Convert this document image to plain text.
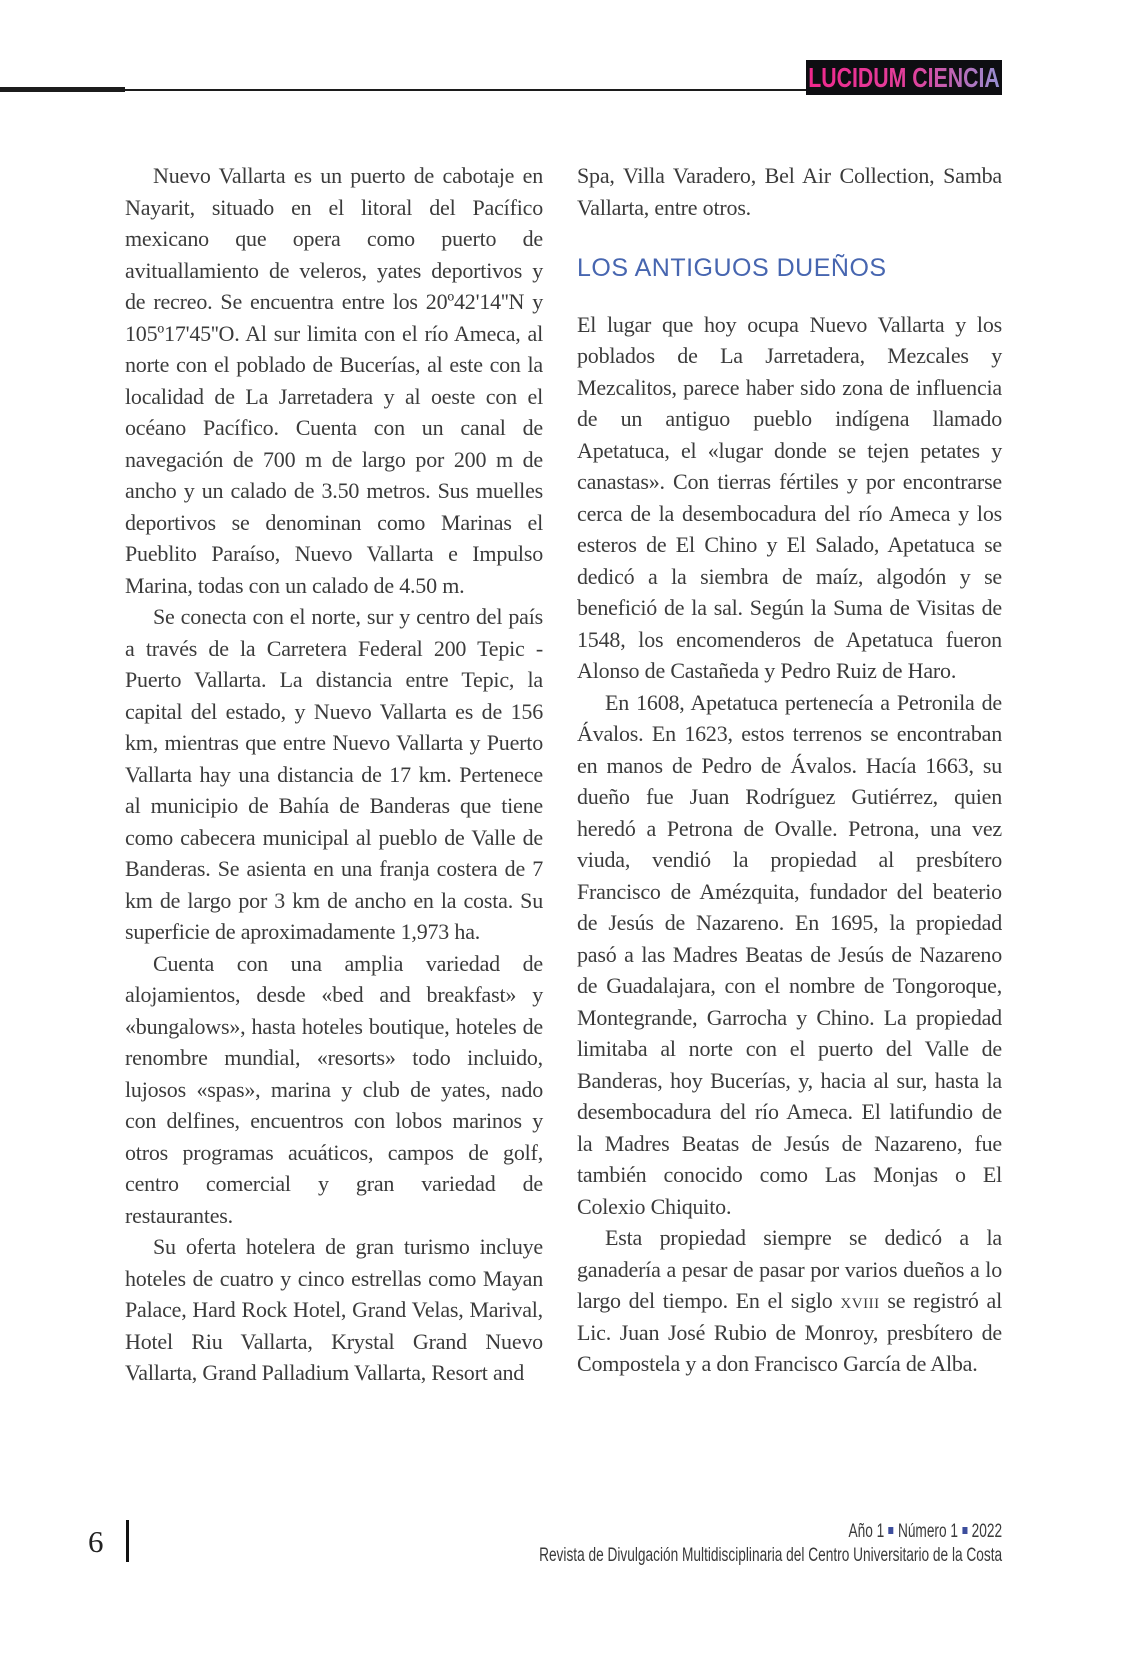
LUCIDUM CIENCIA

Nuevo Vallarta es un puerto de cabotaje en Nayarit, situado en el litoral del Pacífico mexicano que opera como puerto de avituallamiento de veleros, yates deportivos y de recreo. Se encuentra entre los 20º42'14''N y 105º17'45''O. Al sur limita con el río Ameca, al norte con el poblado de Bucerías, al este con la localidad de La Jarretadera y al oeste con el océano Pacífico. Cuenta con un canal de navegación de 700 m de largo por 200 m de ancho y un calado de 3.50 metros. Sus muelles deportivos se denominan como Marinas el Pueblito Paraíso, Nuevo Vallarta e Impulso Marina, todas con un calado de 4.50 m.

Se conecta con el norte, sur y centro del país a través de la Carretera Federal 200 Tepic - Puerto Vallarta. La distancia entre Tepic, la capital del estado, y Nuevo Vallarta es de 156 km, mientras que entre Nuevo Vallarta y Puerto Vallarta hay una distancia de 17 km. Pertenece al municipio de Bahía de Banderas que tiene como cabecera municipal al pueblo de Valle de Banderas. Se asienta en una franja costera de 7 km de largo por 3 km de ancho en la costa. Su superficie de aproximadamente 1,973 ha.

Cuenta con una amplia variedad de alojamientos, desde «bed and breakfast» y «bungalows», hasta hoteles boutique, hoteles de renombre mundial, «resorts» todo incluido, lujosos «spas», marina y club de yates, nado con delfines, encuentros con lobos marinos y otros programas acuáticos, campos de golf, centro comercial y gran variedad de restaurantes.

Su oferta hotelera de gran turismo incluye hoteles de cuatro y cinco estrellas como Mayan Palace, Hard Rock Hotel, Grand Velas, Marival, Hotel Riu Vallarta, Krystal Grand Nuevo Vallarta, Grand Palladium Vallarta, Resort and

Spa, Villa Varadero, Bel Air Collection, Samba Vallarta, entre otros.

LOS ANTIGUOS DUEÑOS

El lugar que hoy ocupa Nuevo Vallarta y los poblados de La Jarretadera, Mezcales y Mezcalitos, parece haber sido zona de influencia de un antiguo pueblo indígena llamado Apetatuca, el «lugar donde se tejen petates y canastas». Con tierras fértiles y por encontrarse cerca de la desembocadura del río Ameca y los esteros de El Chino y El Salado, Apetatuca se dedicó a la siembra de maíz, algodón y se benefició de la sal. Según la Suma de Visitas de 1548, los encomenderos de Apetatuca fueron Alonso de Castañeda y Pedro Ruiz de Haro.

En 1608, Apetatuca pertenecía a Petronila de Ávalos. En 1623, estos terrenos se encontraban en manos de Pedro de Ávalos. Hacía 1663, su dueño fue Juan Rodríguez Gutiérrez, quien heredó a Petrona de Ovalle. Petrona, una vez viuda, vendió la propiedad al presbítero Francisco de Amézquita, fundador del beaterio de Jesús de Nazareno. En 1695, la propiedad pasó a las Madres Beatas de Jesús de Nazareno de Guadalajara, con el nombre de Tongoroque, Montegrande, Garrocha y Chino. La propiedad limitaba al norte con el puerto del Valle de Banderas, hoy Bucerías, y, hacia al sur, hasta la desembocadura del río Ameca. El latifundio de la Madres Beatas de Jesús de Nazareno, fue también conocido como Las Monjas o El Colexio Chiquito.

Esta propiedad siempre se dedicó a la ganadería a pesar de pasar por varios dueños a lo largo del tiempo. En el siglo xviii se registró al Lic. Juan José Rubio de Monroy, presbítero de Compostela y a don Francisco García de Alba.

6	Año 1 Número 1 2022
Revista de Divulgación Multidisciplinaria del Centro Universitario de la Costa
